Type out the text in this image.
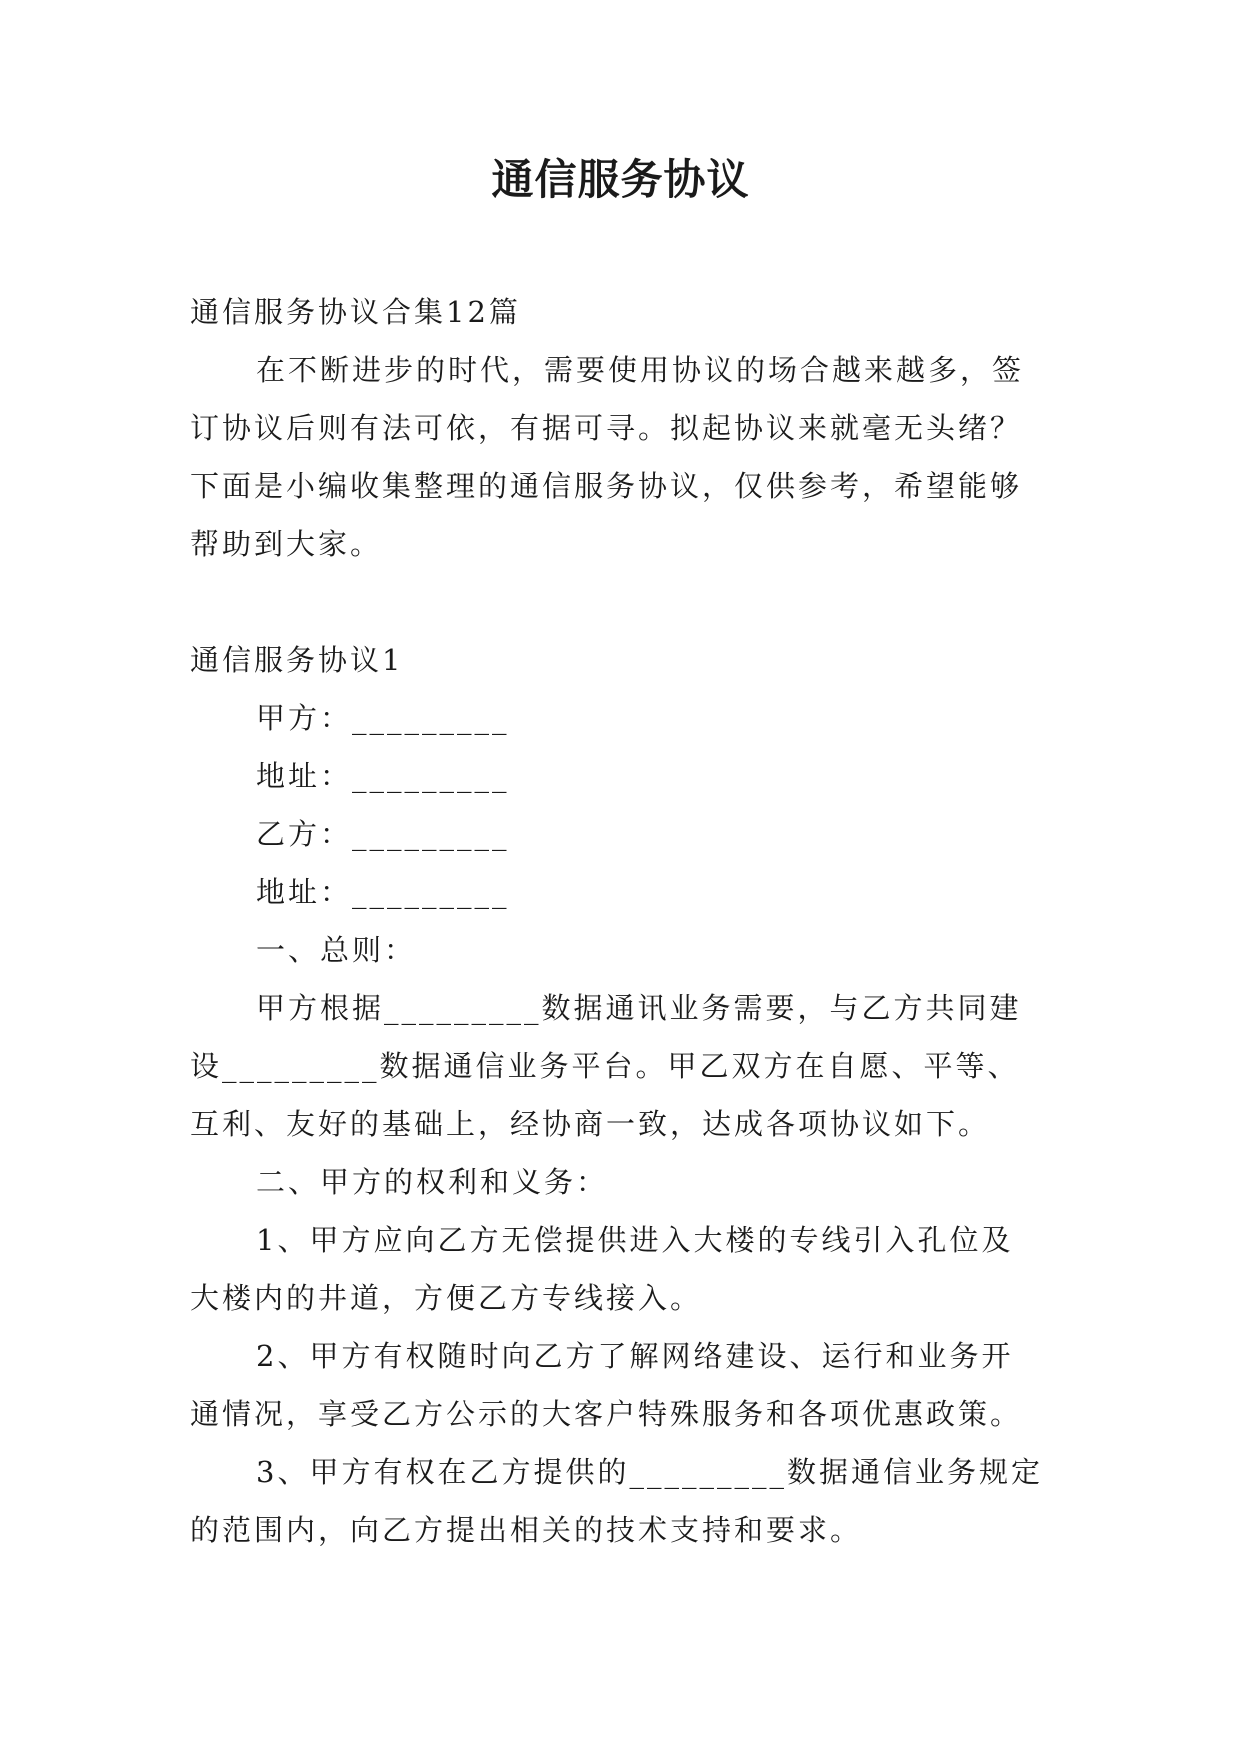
通信服务协议
通信服务协议合集12篇
在不断进步的时代，需要使用协议的场合越来越多，签
订协议后则有法可依，有据可寻。拟起协议来就毫无头绪？
下面是小编收集整理的通信服务协议，仅供参考，希望能够
帮助到大家。
通信服务协议1
甲方：_________
地址：_________
乙方：_________
地址：_________
一、总则：
甲方根据_________数据通讯业务需要，与乙方共同建
设_________数据通信业务平台。甲乙双方在自愿、平等、
互利、友好的基础上，经协商一致，达成各项协议如下。
二、甲方的权利和义务：
1、甲方应向乙方无偿提供进入大楼的专线引入孔位及
大楼内的井道，方便乙方专线接入。
2、甲方有权随时向乙方了解网络建设、运行和业务开
通情况，享受乙方公示的大客户特殊服务和各项优惠政策。
3、甲方有权在乙方提供的_________数据通信业务规定
的范围内，向乙方提出相关的技术支持和要求。
